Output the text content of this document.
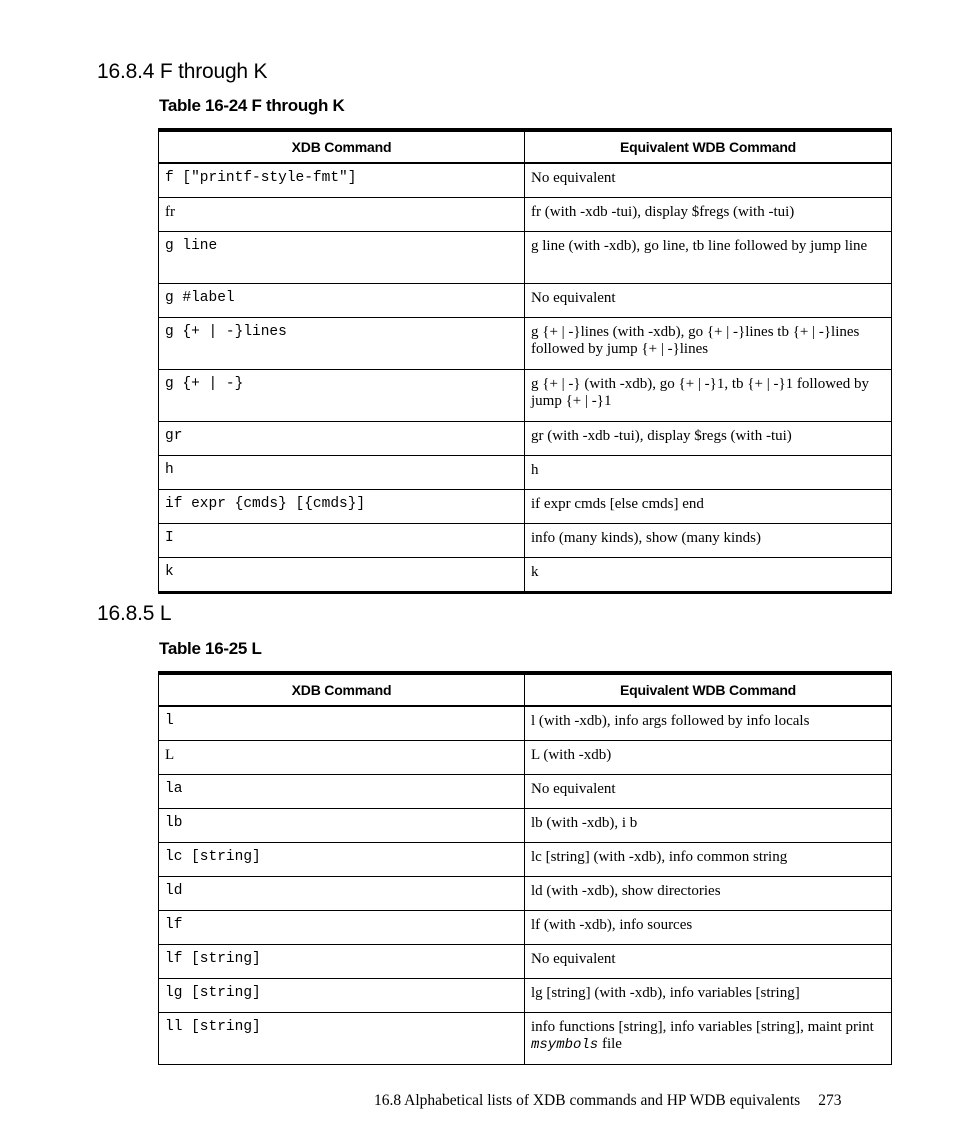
16.8.4 F through K
Table 16-24 F through K
XDB Command	Equivalent WDB Command
f ["printf-style-fmt"]	No equivalent
fr	fr (with -xdb -tui), display $fregs (with -tui)
g line	g line (with -xdb), go line, tb line followed by jump line
g #label	No equivalent
g {+ | -}lines	g {+ | -}lines (with -xdb), go {+ | -}lines tb {+ | -}lines followed by jump {+ | -}lines
g {+ | -}	g {+ | -} (with -xdb), go {+ | -}1, tb {+ | -}1 followed by jump {+ | -}1
gr	gr (with -xdb -tui), display $regs (with -tui)
h	h
if expr {cmds} [{cmds}]	if expr cmds [else cmds] end
I	info (many kinds), show (many kinds)
k	k
16.8.5 L
Table 16-25 L
XDB Command	Equivalent WDB Command
l	l (with -xdb), info args followed by info locals
L	L (with -xdb)
la	No equivalent
lb	lb (with -xdb), i b
lc [string]	lc [string] (with -xdb), info common string
ld	ld (with -xdb), show directories
lf	lf (with -xdb), info sources
lf [string]	No equivalent
lg [string]	lg [string] (with -xdb), info variables [string]
ll [string]	info functions [string], info variables [string], maint print msymbols file
16.8 Alphabetical lists of XDB commands and HP WDB equivalents 273
